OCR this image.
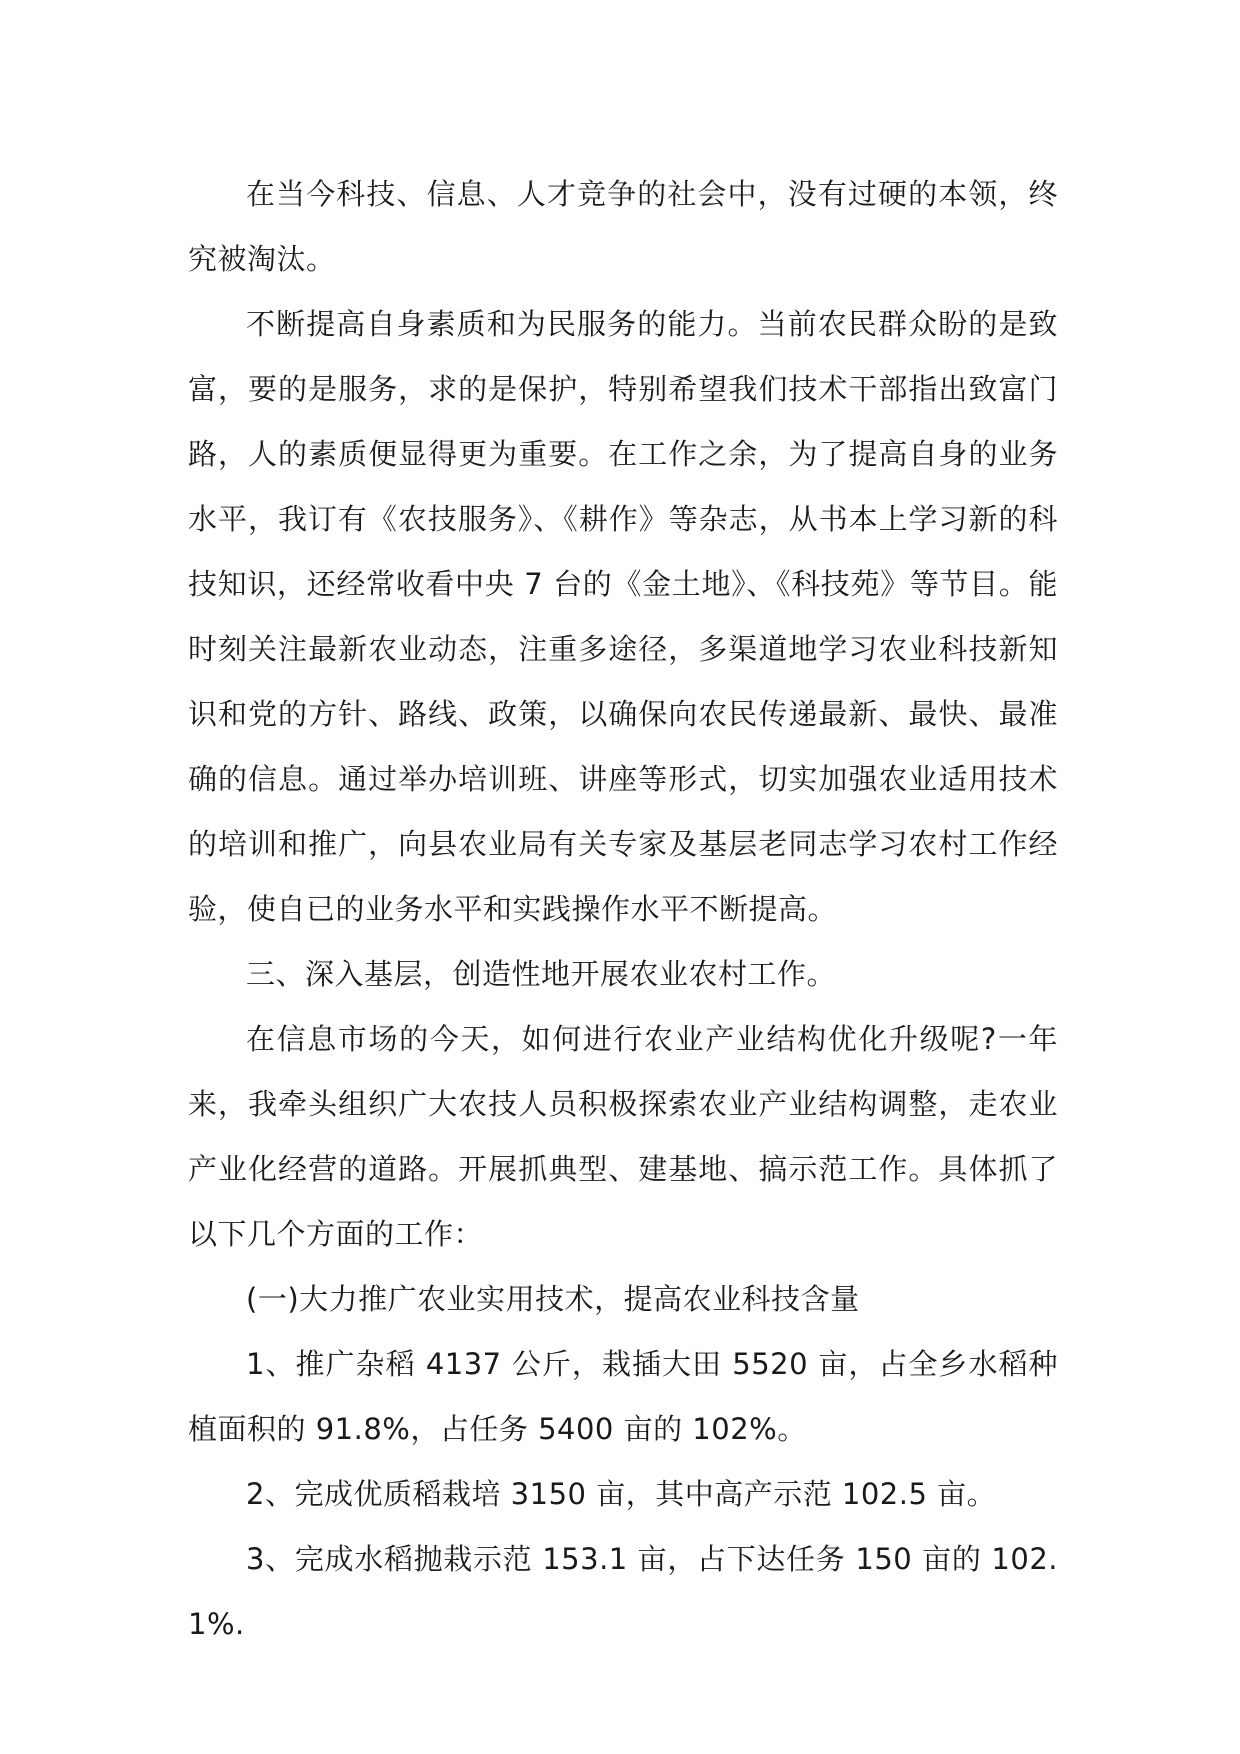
在当今科技、信息、人才竞争的社会中，没有过硬的本领，终究被淘汰。

不断提高自身素质和为民服务的能力。当前农民群众盼的是致富，要的是服务，求的是保护，特别希望我们技术干部指出致富门路，人的素质便显得更为重要。在工作之余，为了提高自身的业务水平，我订有《农技服务》、《耕作》等杂志，从书本上学习新的科技知识，还经常收看中央 7 台的《金土地》、《科技苑》等节目。能时刻关注最新农业动态，注重多途径，多渠道地学习农业科技新知识和党的方针、路线、政策，以确保向农民传递最新、最快、最准确的信息。通过举办培训班、讲座等形式，切实加强农业适用技术的培训和推广，向县农业局有关专家及基层老同志学习农村工作经验，使自已的业务水平和实践操作水平不断提高。

三、深入基层，创造性地开展农业农村工作。

在信息市场的今天，如何进行农业产业结构优化升级呢?一年来，我牵头组织广大农技人员积极探索农业产业结构调整，走农业产业化经营的道路。开展抓典型、建基地、搞示范工作。具体抓了以下几个方面的工作：

(一)大力推广农业实用技术，提高农业科技含量

1、推广杂稻 4137 公斤，栽插大田 5520 亩，占全乡水稻种植面积的 91.8%，占任务 5400 亩的 102%。

2、完成优质稻栽培 3150 亩，其中高产示范 102.5 亩。

3、完成水稻抛栽示范 153.1 亩，占下达任务 150 亩的 102.1%.
